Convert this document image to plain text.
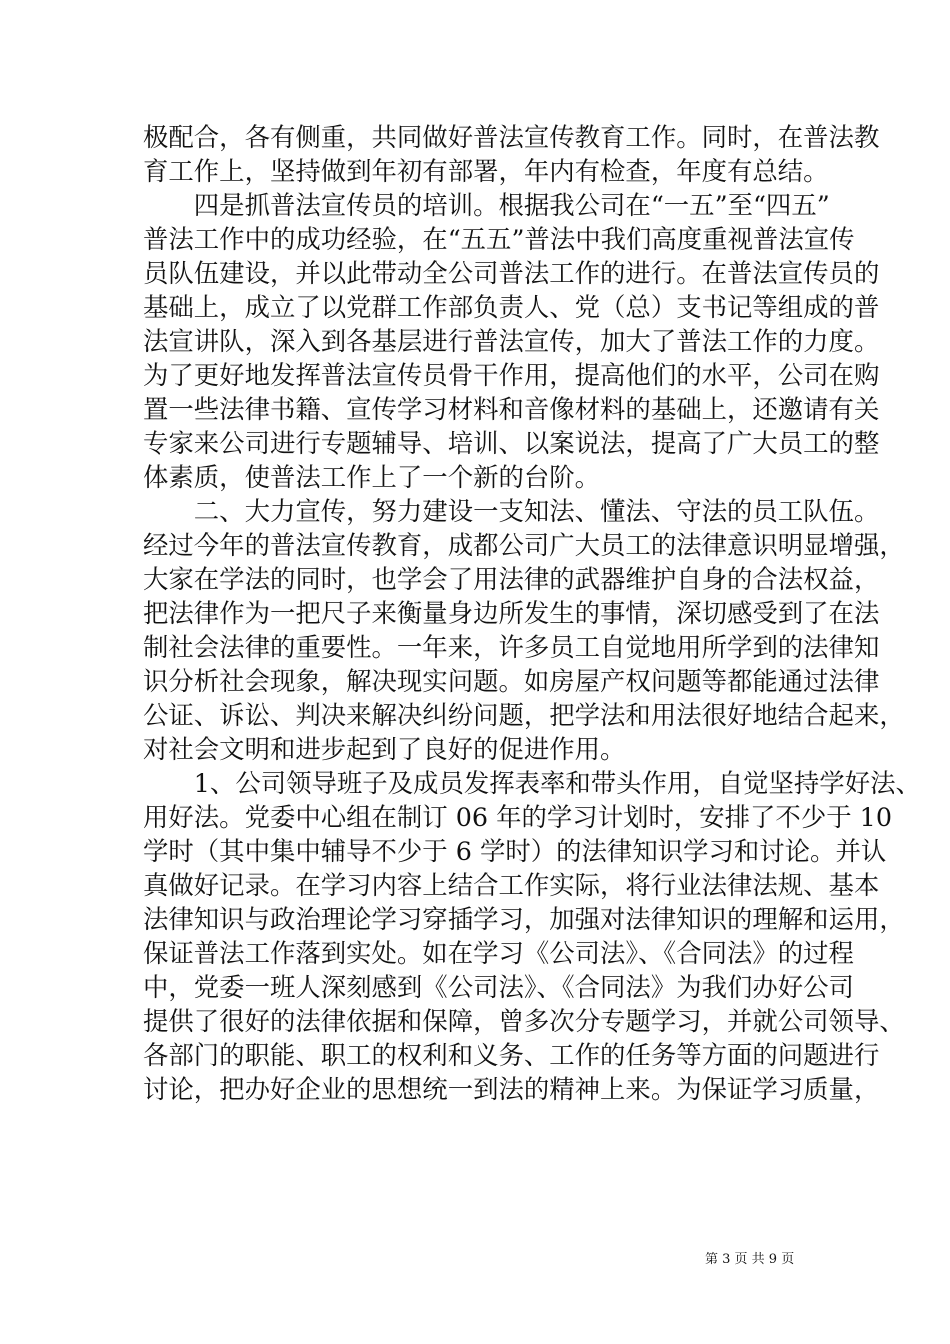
极配合，各有侧重，共同做好普法宣传教育工作。同时，在普法教
育工作上，坚持做到年初有部署，年内有检查，年度有总结。
　　四是抓普法宣传员的培训。根据我公司在“一五”至“四五”
普法工作中的成功经验，在“五五”普法中我们高度重视普法宣传
员队伍建设，并以此带动全公司普法工作的进行。在普法宣传员的
基础上，成立了以党群工作部负责人、党（总）支书记等组成的普
法宣讲队，深入到各基层进行普法宣传，加大了普法工作的力度。
为了更好地发挥普法宣传员骨干作用，提高他们的水平，公司在购
置一些法律书籍、宣传学习材料和音像材料的基础上，还邀请有关
专家来公司进行专题辅导、培训、以案说法，提高了广大员工的整
体素质，使普法工作上了一个新的台阶。
　　二、大力宣传，努力建设一支知法、懂法、守法的员工队伍。
经过今年的普法宣传教育，成都公司广大员工的法律意识明显增强，
大家在学法的同时，也学会了用法律的武器维护自身的合法权益，
把法律作为一把尺子来衡量身边所发生的事情，深切感受到了在法
制社会法律的重要性。一年来，许多员工自觉地用所学到的法律知
识分析社会现象，解决现实问题。如房屋产权问题等都能通过法律
公证、诉讼、判决来解决纠纷问题，把学法和用法很好地结合起来，
对社会文明和进步起到了良好的促进作用。
　　1、公司领导班子及成员发挥表率和带头作用，自觉坚持学好法、
用好法。党委中心组在制订 06 年的学习计划时，安排了不少于 10
学时（其中集中辅导不少于 6 学时）的法律知识学习和讨论。并认
真做好记录。在学习内容上结合工作实际，将行业法律法规、基本
法律知识与政治理论学习穿插学习，加强对法律知识的理解和运用，
保证普法工作落到实处。如在学习《公司法》、《合同法》的过程
中，党委一班人深刻感到《公司法》、《合同法》为我们办好公司
提供了很好的法律依据和保障，曾多次分专题学习，并就公司领导、
各部门的职能、职工的权利和义务、工作的任务等方面的问题进行
讨论，把办好企业的思想统一到法的精神上来。为保证学习质量，
第 3 页 共 9 页
